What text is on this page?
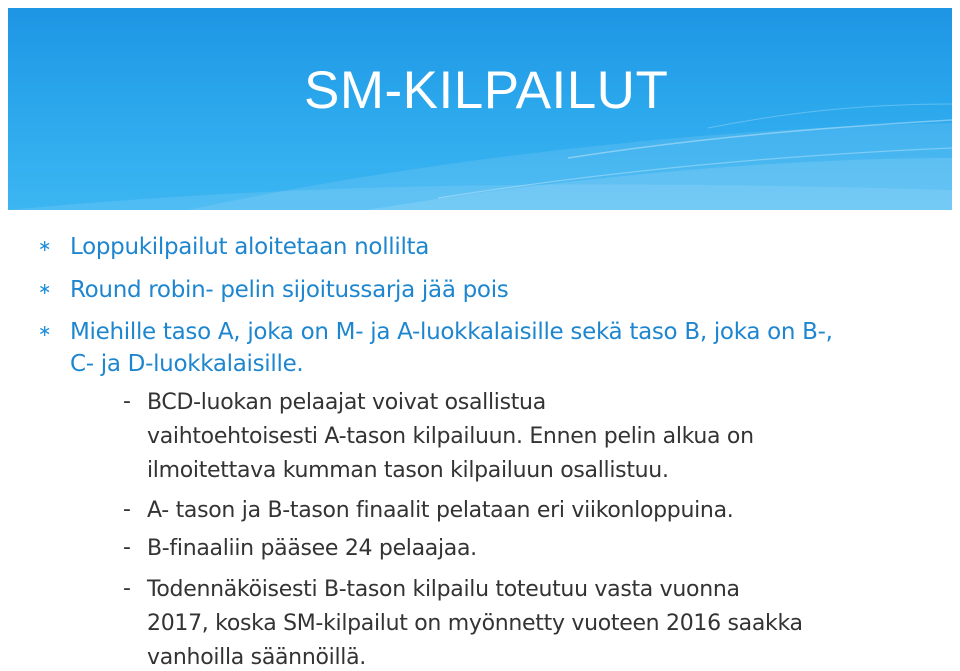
SM-KILPAILUT
∗ Loppukilpailut aloitetaan nollilta

∗ Round robin- pelin sijoitussarja jää pois

∗ Miehille taso A, joka on M- ja A-luokkalaisille sekä taso B, joka on B-,
C- ja D-luokkalaisille.

- BCD-luokan pelaajat voivat osallistua
vaihtoehtoisesti A-tason kilpailuun. Ennen pelin alkua on
ilmoitettava kumman tason kilpailuun osallistuu.

- A- tason ja B-tason finaalit pelataan eri viikonloppuina.

- B-finaaliin pääsee 24 pelaajaa.

- Todennäköisesti B-tason kilpailu toteutuu vasta vuonna
2017, koska SM-kilpailut on myönnetty vuoteen 2016 saakka
vanhoilla säännöillä.
